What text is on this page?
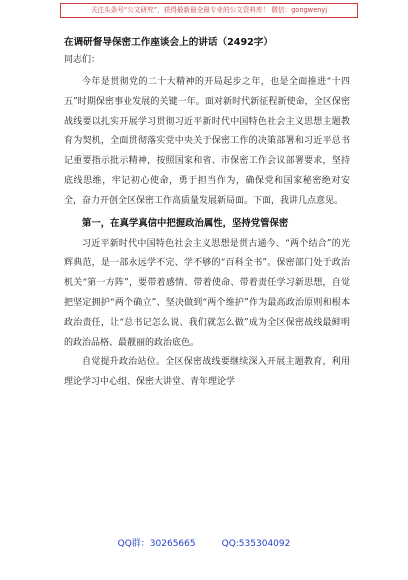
关注头条号“公文研究”，获得最新最全最专业的公文资料库！ 微信：gongwenyj
在调研督导保密工作座谈会上的讲话（2492字）

同志们：

今年是贯彻党的二十大精神的开局起步之年，也是全面推进“十四五”时期保密事业发展的关键一年。面对新时代新征程新使命，全区保密战线要以扎实开展学习贯彻习近平新时代中国特色社会主义思想主题教育为契机，全面贯彻落实党中央关于保密工作的决策部署和习近平总书记重要指示批示精神，按照国家和省、市保密工作会议部署要求，坚持底线思维，牢记初心使命，勇于担当作为，确保党和国家秘密绝对安全，奋力开创全区保密工作高质量发展新局面。下面，我讲几点意见。

第一，在真学真信中把握政治属性，坚持党管保密

习近平新时代中国特色社会主义思想是贯古通今、“两个结合”的光辉典范，是一部永远学不完、学不够的“百科全书”。保密部门处于政治机关“第一方阵”，要带着感情、带着使命、带着责任学习新思想，自觉把坚定拥护“两个确立”、坚决做到“两个维护”作为最高政治原则和根本政治责任，让“总书记怎么说、我们就怎么做”成为全区保密战线最鲜明的政治品格、最靓丽的政治底色。

自觉提升政治站位。全区保密战线要继续深入开展主题教育，利用理论学习中心组、保密大讲堂、青年理论学

QQ群：30265665	QQ:535304092
